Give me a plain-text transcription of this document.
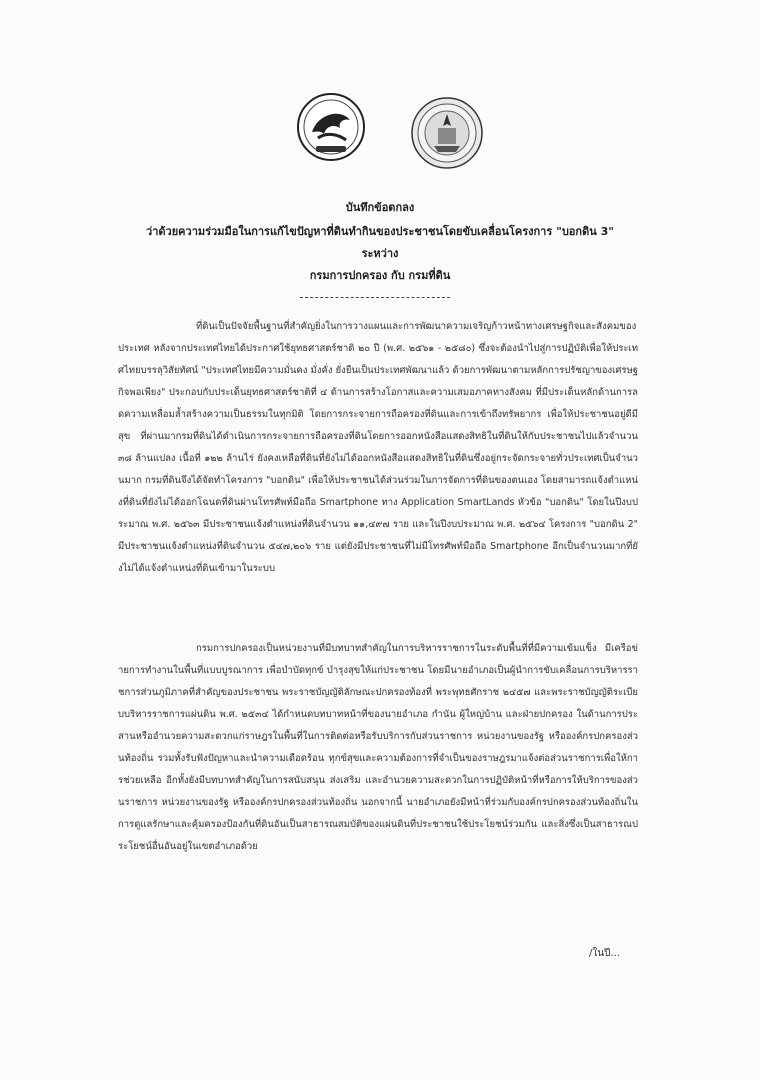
บันทึกข้อตกลง
ว่าด้วยความร่วมมือในการแก้ไขปัญหาที่ดินทำกินของประชาชนโดยขับเคลื่อนโครงการ "บอกดิน 3"
ระหว่าง
กรมการปกครอง กับ กรมที่ดิน

ที่ดินเป็นปัจจัยพื้นฐานที่สำคัญยิ่งในการวางแผนและการพัฒนาความเจริญก้าวหน้าทางเศรษฐกิจและสังคมของประเทศ หลังจากประเทศไทยได้ประกาศใช้ยุทธศาสตร์ชาติ ๒๐ ปี (พ.ศ. ๒๕๖๑ - ๒๕๘๐) ซึ่งจะต้องนำไปสู่การปฏิบัติเพื่อให้ประเทศไทยบรรลุวิสัยทัศน์ "ประเทศไทยมีความมั่นคง มั่งคั่ง ยั่งยืนเป็นประเทศพัฒนาแล้ว ด้วยการพัฒนาตามหลักการปรัชญาของเศรษฐกิจพอเพียง" ประกอบกับประเด็นยุทธศาสตร์ชาติที่ ๔ ด้านการสร้างโอกาสและความเสมอภาคทางสังคม ที่มีประเด็นหลักด้านการลดความเหลื่อมล้ำสร้างความเป็นธรรมในทุกมิติ โดยการกระจายการถือครองที่ดินและการเข้าถึงทรัพยากร เพื่อให้ประชาชนอยู่ดีมีสุข ที่ผ่านมากรมที่ดินได้ดำเนินการกระจายการถือครองที่ดินโดยการออกหนังสือแสดงสิทธิในที่ดินให้กับประชาชนไปแล้วจำนวน ๓๘ ล้านแปลง เนื้อที่ ๑๒๒ ล้านไร่ ยังคงเหลือที่ดินที่ยังไม่ได้ออกหนังสือแสดงสิทธิในที่ดินซึ่งอยู่กระจัดกระจายทั่วประเทศเป็นจำนวนมาก กรมที่ดินจึงได้จัดทำโครงการ "บอกดิน" เพื่อให้ประชาชนได้ส่วนร่วมในการจัดการที่ดินของตนเอง โดยสามารถแจ้งตำแหน่งที่ดินที่ยังไม่ได้ออกโฉนดที่ดินผ่านโทรศัพท์มือถือ Smartphone ทาง Application SmartLands หัวข้อ "บอกดิน" โดยในปีงบประมาณ พ.ศ. ๒๕๖๓ มีประชาชนแจ้งตำแหน่งที่ดินจำนวน ๑๑,๔๙๗ ราย และในปีงบประมาณ พ.ศ. ๒๕๖๔ โครงการ "บอกดิน 2" มีประชาชนแจ้งตำแหน่งที่ดินจำนวน ๕๔๗,๒๐๖ ราย แต่ยังมีประชาชนที่ไม่มีโทรศัพท์มือถือ Smartphone อีกเป็นจำนวนมากที่ยังไม่ได้แจ้งตำแหน่งที่ดินเข้ามาในระบบ

กรมการปกครองเป็นหน่วยงานที่มีบทบาทสำคัญในการบริหารราชการในระดับพื้นที่ที่มีความเข้มแข็ง มีเครือข่ายการทำงานในพื้นที่แบบบูรณาการ เพื่อบำบัดทุกข์ บำรุงสุขให้แก่ประชาชน โดยมีนายอำเภอเป็นผู้นำการขับเคลื่อนการบริหารราชการส่วนภูมิภาคที่สำคัญของประชาชน พระราชบัญญัติลักษณะปกครองท้องที่ พระพุทธศักราช ๒๔๕๗ และพระราชบัญญัติระเบียบบริหารราชการแผ่นดิน พ.ศ. ๒๕๓๔ ได้กำหนดบทบาทหน้าที่ของนายอำเภอ กำนัน ผู้ใหญ่บ้าน และฝ่ายปกครอง ในด้านการประสานหรืออำนวยความสะดวกแก่ราษฎรในพื้นที่ในการติดต่อหรือรับบริการกับส่วนราชการ หน่วยงานของรัฐ หรือองค์กรปกครองส่วนท้องถิ่น รวมทั้งรับฟังปัญหาและนำความเดือดร้อน ทุกข์สุขและความต้องการที่จำเป็นของราษฎรมาแจ้งต่อส่วนราชการเพื่อให้การช่วยเหลือ อีกทั้งยังมีบทบาทสำคัญในการสนับสนุน ส่งเสริม และอำนวยความสะดวกในการปฏิบัติหน้าที่หรือการให้บริการของส่วนราชการ หน่วยงานของรัฐ หรือองค์กรปกครองส่วนท้องถิ่น นอกจากนี้ นายอำเภอยังมีหน้าที่ร่วมกับองค์กรปกครองส่วนท้องถิ่นในการดูแลรักษาและคุ้มครองป้องกันที่ดินอันเป็นสาธารณสมบัติของแผ่นดินที่ประชาชนใช้ประโยชน์ร่วมกัน และสิ่งซึ่งเป็นสาธารณประโยชน์อื่นอันอยู่ในเขตอำเภอด้วย

/ในปี...
